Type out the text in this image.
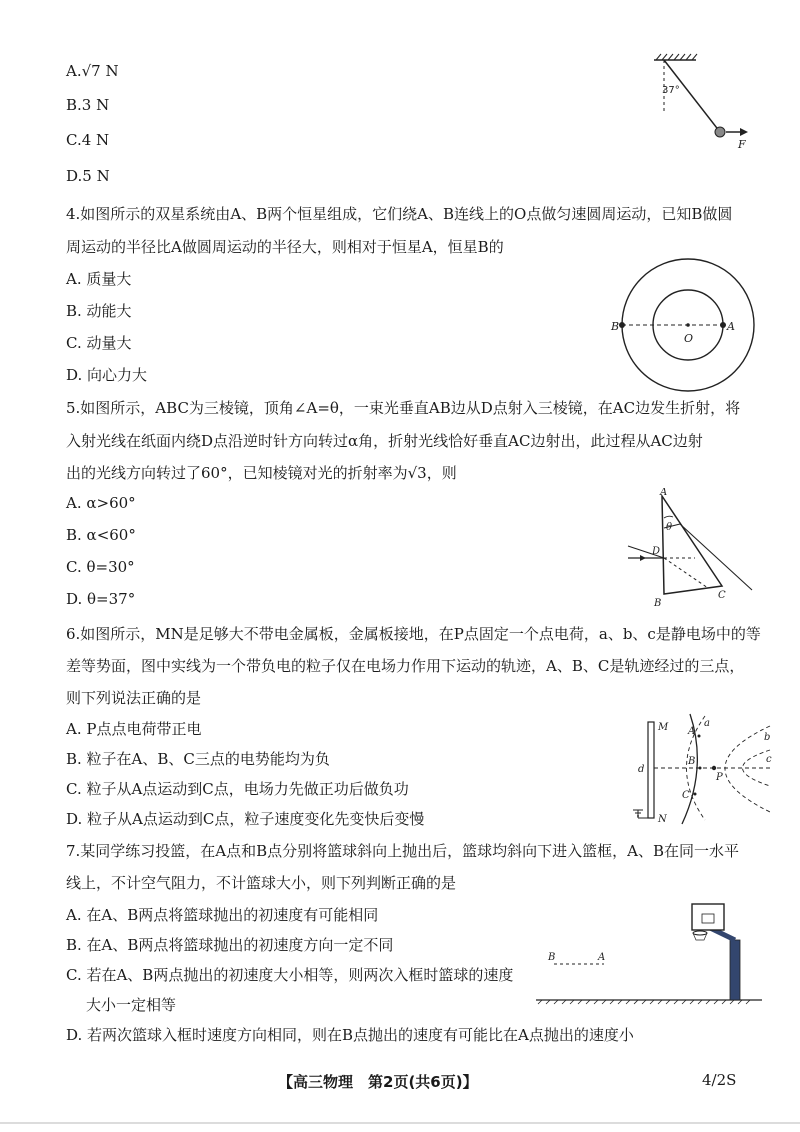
A.√7 N
B.3 N
C.4 N
D.5 N
37°
F
4.如图所示的双星系统由A、B两个恒星组成，它们绕A、B连线上的O点做匀速圆周运动，已知B做圆
周运动的半径比A做圆周运动的半径大，则相对于恒星A，恒星B的
A. 质量大
B. 动能大
C. 动量大
D. 向心力大
B
O
A
5.如图所示，ABC为三棱镜，顶角∠A=θ，一束光垂直AB边从D点射入三棱镜，在AC边发生折射，将
入射光线在纸面内绕D点沿逆时针方向转过α角，折射光线恰好垂直AC边射出，此过程从AC边射
出的光线方向转过了60°，已知棱镜对光的折射率为√3，则
A. α>60°
B. α<60°
C. θ=30°
D. θ=37°
A
θ
D
B
C
6.如图所示，MN是足够大不带电金属板，金属板接地，在P点固定一个点电荷，a、b、c是静电场中的等
差等势面，图中实线为一个带负电的粒子仅在电场力作用下运动的轨迹，A、B、C是轨迹经过的三点，
则下列说法正确的是
A. P点点电荷带正电
B. 粒子在A、B、C三点的电势能均为负
C. 粒子从A点运动到C点，电场力先做正功后做负功
D. 粒子从A点运动到C点，粒子速度变化先变快后变慢
M
N
d
A
B
C
a
b
c
P
7.某同学练习投篮，在A点和B点分别将篮球斜向上抛出后，篮球均斜向下进入篮框，A、B在同一水平
线上，不计空气阻力，不计篮球大小，则下列判断正确的是
A. 在A、B两点将篮球抛出的初速度有可能相同
B. 在A、B两点将篮球抛出的初速度方向一定不同
C. 若在A、B两点抛出的初速度大小相等，则两次入框时篮球的速度
大小一定相等
D. 若两次篮球入框时速度方向相同，则在B点抛出的速度有可能比在A点抛出的速度小
B	A
【高三物理　第2页(共6页)】	4/2S
